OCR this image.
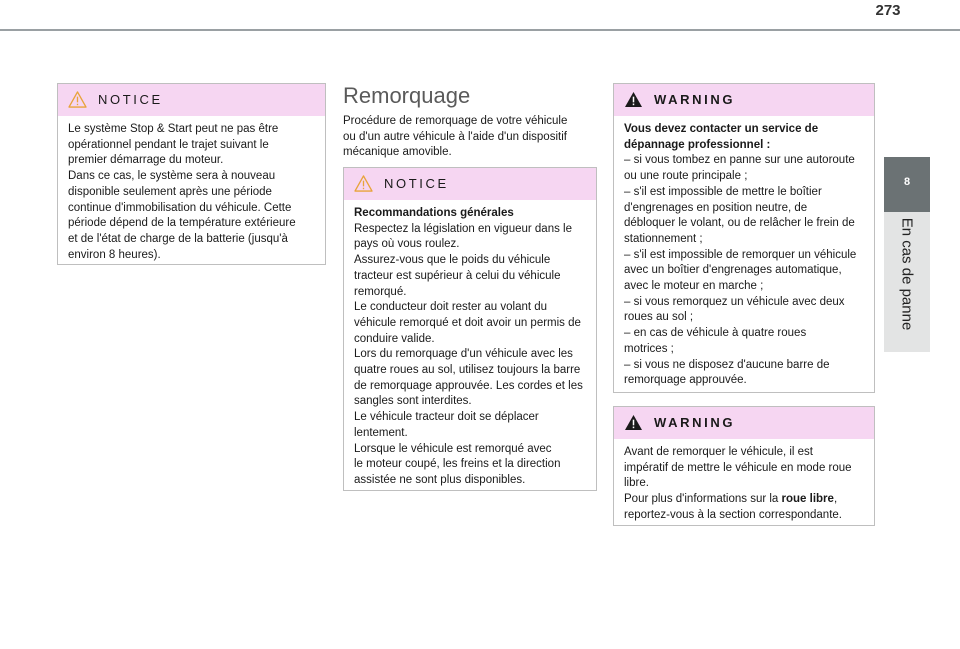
273
8
En cas de panne
NOTICE
Le système Stop & Start peut ne pas être
opérationnel pendant le trajet suivant le
premier démarrage du moteur.
Dans ce cas, le système sera à nouveau
disponible seulement après une période
continue d'immobilisation du véhicule. Cette
période dépend de la température extérieure
et de l'état de charge de la batterie (jusqu'à
environ 8 heures).
Remorquage
Procédure de remorquage de votre véhicule
ou d'un autre véhicule à l'aide d'un dispositif
mécanique amovible.
NOTICE
Recommandations générales
Respectez la législation en vigueur dans le
pays où vous roulez.
Assurez-vous que le poids du véhicule
tracteur est supérieur à celui du véhicule
remorqué.
Le conducteur doit rester au volant du
véhicule remorqué et doit avoir un permis de
conduire valide.
Lors du remorquage d'un véhicule avec les
quatre roues au sol, utilisez toujours la barre
de remorquage approuvée. Les cordes et les
sangles sont interdites.
Le véhicule tracteur doit se déplacer
lentement.
Lorsque le véhicule est remorqué avec
le moteur coupé, les freins et la direction
assistée ne sont plus disponibles.
WARNING
Vous devez contacter un service de
dépannage professionnel :
– si vous tombez en panne sur une autoroute
ou une route principale ;
– s'il est impossible de mettre le boîtier
d'engrenages en position neutre, de
débloquer le volant, ou de relâcher le frein de
stationnement ;
– s'il est impossible de remorquer un véhicule
avec un boîtier d'engrenages automatique,
avec le moteur en marche ;
– si vous remorquez un véhicule avec deux
roues au sol ;
– en cas de véhicule à quatre roues
motrices ;
– si vous ne disposez d'aucune barre de
remorquage approuvée.
WARNING
Avant de remorquer le véhicule, il est
impératif de mettre le véhicule en mode roue
libre.
Pour plus d'informations sur la roue libre,
reportez-vous à la section correspondante.
